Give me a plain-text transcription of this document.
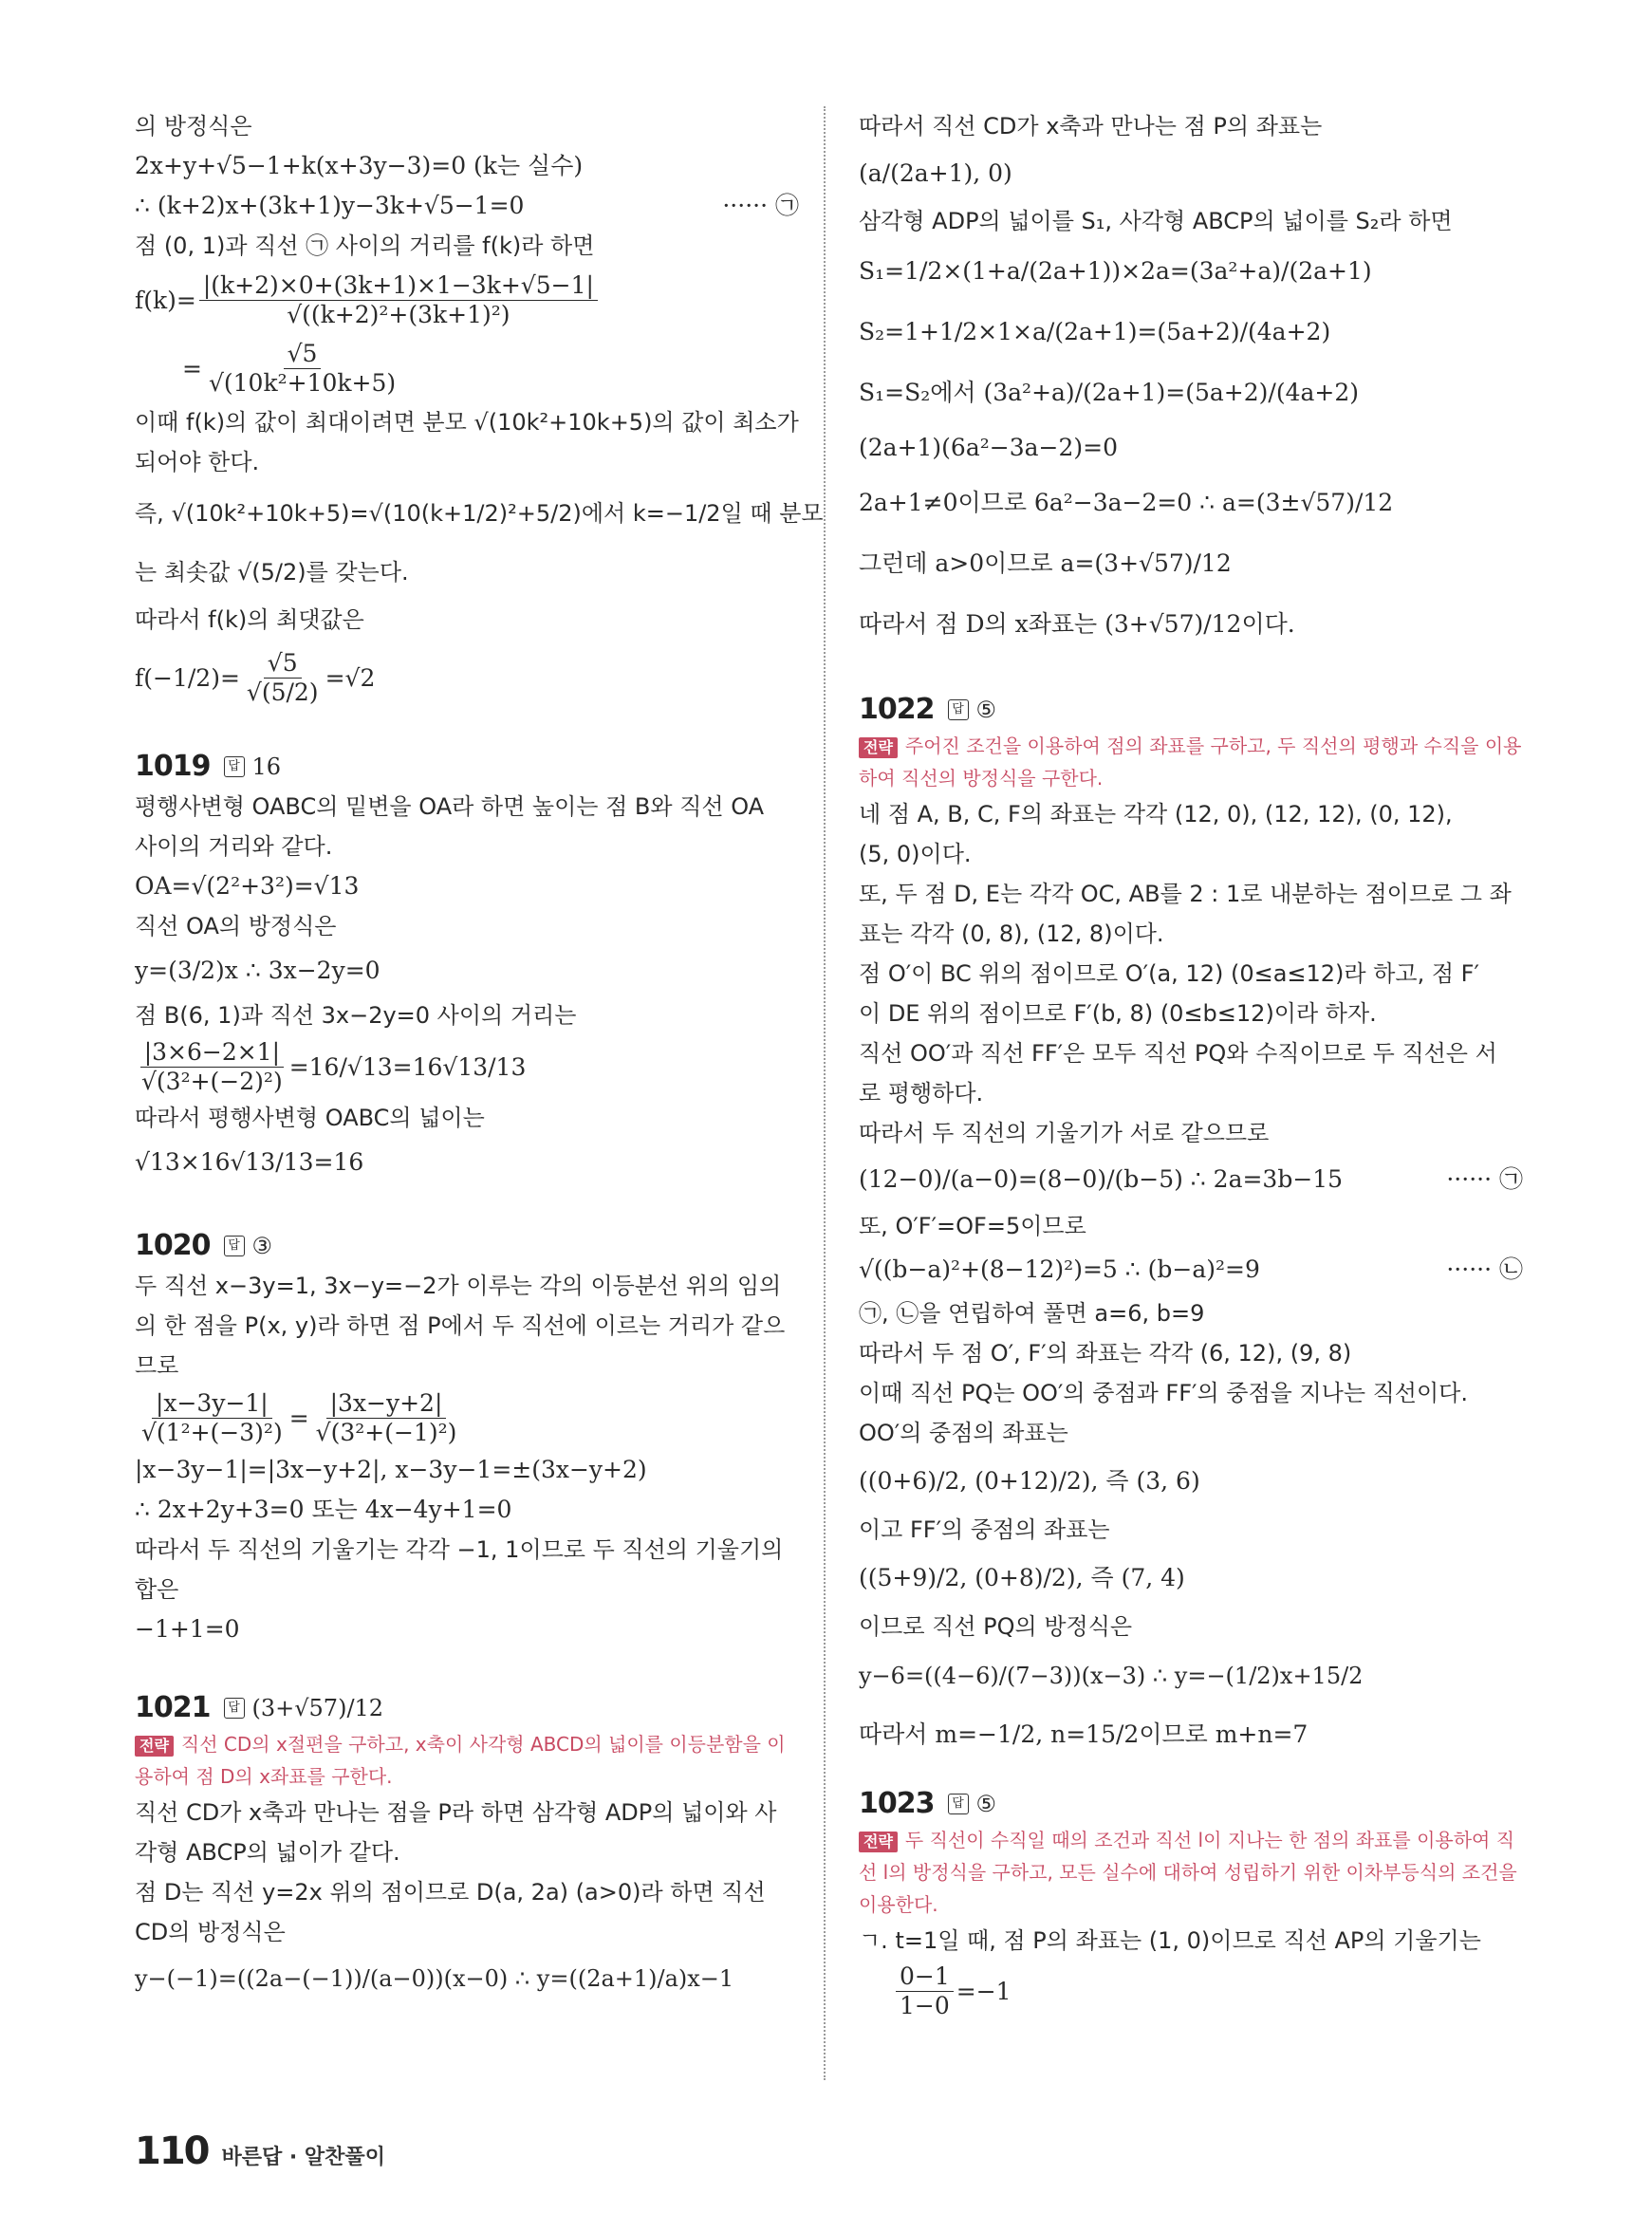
의 방정식은
2x+y+√5−1+k(x+3y−3)=0 (k는 실수)
∴ (k+2)x+(3k+1)y−3k+√5−1=0	······ ㉠
점 (0, 1)과 직선 ㉠ 사이의 거리를 f(k)라 하면
$f(k)= \frac{|(k+2)\times 0+(3k+1)\times 1-3k+√5-1|}{\text{√((k+2)²+(3k+1)²)}}$
= $\frac{√5}{\text{√(10k²+10k+5)}}$
이때 f(k)의 값이 최대이려면 분모 √(10k²+10k+5)의 값이 최소가
되어야 한다.
즉, √(10k²+10k+5)=√(10(k+1/2)²+5/2)에서 k=−1/2일 때 분모
는 최솟값 √(5/2)를 갖는다.
따라서 f(k)의 최댓값은
$f(-1/2)= \frac{√5}{√(5/2)} =√2$
1019	답 16
평행사변형 OABC의 밑변을 OA라 하면 높이는 점 B와 직선 OA
사이의 거리와 같다.
OA=√(2²+3²)=√13
직선 OA의 방정식은
y=(3/2)x ∴ 3x−2y=0
점 B(6, 1)과 직선 3x−2y=0 사이의 거리는
$\frac{|3\times 6-2\times 1|}{\text{√(3²+(−2)²)}} =16/√13=16√13/13$
따라서 평행사변형 OABC의 넓이는
√13×16√13/13=16
1020	답 ③
두 직선 x−3y=1, 3x−y=−2가 이루는 각의 이등분선 위의 임의
의 한 점을 P(x, y)라 하면 점 P에서 두 직선에 이르는 거리가 같으
므로
$\frac{|x-3y-1|}{\text{√(1²+(−3)²)}} = \frac{|3x-y+2|}{\text{√(3²+(−1)²)}}$
|x−3y−1|=|3x−y+2|, x−3y−1=±(3x−y+2)
∴ 2x+2y+3=0 또는 4x−4y+1=0
따라서 두 직선의 기울기는 각각 −1, 1이므로 두 직선의 기울기의
합은
−1+1=0
1021	답 (3+√57)/12
전략 직선 CD의 x절편을 구하고, x축이 사각형 ABCD의 넓이를 이등분함을 이
용하여 점 D의 x좌표를 구한다.
직선 CD가 x축과 만나는 점을 P라 하면 삼각형 ADP의 넓이와 사
각형 ABCP의 넓이가 같다.
점 D는 직선 y=2x 위의 점이므로 D(a, 2a) (a>0)라 하면 직선
CD의 방정식은
y−(−1)=((2a−(−1))/(a−0))(x−0) ∴ y=((2a+1)/a)x−1
따라서 직선 CD가 x축과 만나는 점 P의 좌표는
(a/(2a+1), 0)
삼각형 ADP의 넓이를 S₁, 사각형 ABCP의 넓이를 S₂라 하면
S₁=1/2×(1+a/(2a+1))×2a=(3a²+a)/(2a+1)
S₂=1+1/2×1×a/(2a+1)=(5a+2)/(4a+2)
S₁=S₂에서 (3a²+a)/(2a+1)=(5a+2)/(4a+2)
(2a+1)(6a²−3a−2)=0
2a+1≠0이므로 6a²−3a−2=0 ∴ a=(3±√57)/12
그런데 a>0이므로 a=(3+√57)/12
따라서 점 D의 x좌표는 (3+√57)/12이다.
1022	답 ⑤
전략 주어진 조건을 이용하여 점의 좌표를 구하고, 두 직선의 평행과 수직을 이용
하여 직선의 방정식을 구한다.
네 점 A, B, C, F의 좌표는 각각 (12, 0), (12, 12), (0, 12),
(5, 0)이다.
또, 두 점 D, E는 각각 OC, AB를 2 : 1로 내분하는 점이므로 그 좌
표는 각각 (0, 8), (12, 8)이다.
점 O′이 BC 위의 점이므로 O′(a, 12) (0≤a≤12)라 하고, 점 F′
이 DE 위의 점이므로 F′(b, 8) (0≤b≤12)이라 하자.
직선 OO′과 직선 FF′은 모두 직선 PQ와 수직이므로 두 직선은 서
로 평행하다.
따라서 두 직선의 기울기가 서로 같으므로
(12−0)/(a−0)=(8−0)/(b−5) ∴ 2a=3b−15	······ ㉠
또, O′F′=OF=5이므로
√((b−a)²+(8−12)²)=5 ∴ (b−a)²=9	······ ㉡
㉠, ㉡을 연립하여 풀면 a=6, b=9
따라서 두 점 O′, F′의 좌표는 각각 (6, 12), (9, 8)
이때 직선 PQ는 OO′의 중점과 FF′의 중점을 지나는 직선이다.
OO′의 중점의 좌표는
((0+6)/2, (0+12)/2), 즉 (3, 6)
이고 FF′의 중점의 좌표는
((5+9)/2, (0+8)/2), 즉 (7, 4)
이므로 직선 PQ의 방정식은
y−6=((4−6)/(7−3))(x−3) ∴ y=−(1/2)x+15/2
따라서 m=−1/2, n=15/2이므로 m+n=7
1023	답 ⑤
전략 두 직선이 수직일 때의 조건과 직선 l이 지나는 한 점의 좌표를 이용하여 직
선 l의 방정식을 구하고, 모든 실수에 대하여 성립하기 위한 이차부등식의 조건을
이용한다.
ㄱ. t=1일 때, 점 P의 좌표는 (1, 0)이므로 직선 AP의 기울기는
$\frac{0-1}{1-0} =-1$
110 바른답 · 알찬풀이
